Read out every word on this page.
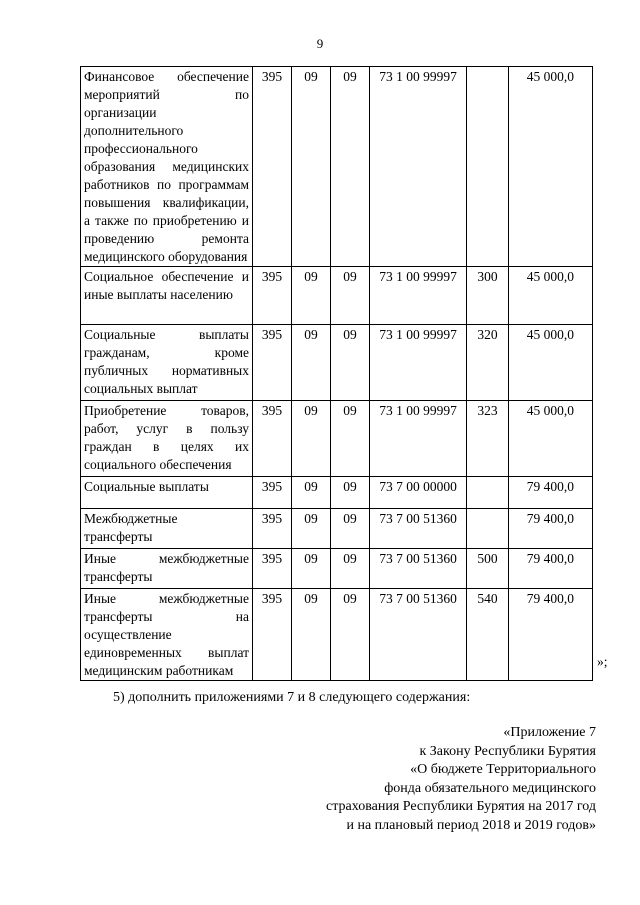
9
Финансовое обеспечение мероприятий по организации дополнительного профессионального образования медицинских работников по программам повышения квалификации, а также по приобретению и проведению ремонта медицинского оборудования	395	09	09	73 1 00 99997		45 000,0
Социальное обеспечение и иные выплаты населению	395	09	09	73 1 00 99997	300	45 000,0
Социальные выплаты гражданам, кроме публичных нормативных социальных выплат	395	09	09	73 1 00 99997	320	45 000,0
Приобретение товаров, работ, услуг в пользу граждан в целях их социального обеспечения	395	09	09	73 1 00 99997	323	45 000,0
Социальные выплаты	395	09	09	73 7 00 00000		79 400,0
Межбюджетные трансферты	395	09	09	73 7 00 51360		79 400,0
Иные межбюджетные трансферты	395	09	09	73 7 00 51360	500	79 400,0
Иные межбюджетные трансферты на осуществление единовременных выплат медицинским работникам	395	09	09	73 7 00 51360	540	79 400,0
»;
5) дополнить приложениями 7 и 8 следующего содержания:
«Приложение 7
к Закону Республики Бурятия
«О бюджете Территориального
фонда обязательного медицинского
страхования Республики Бурятия на 2017 год
и на плановый период 2018 и 2019 годов»
